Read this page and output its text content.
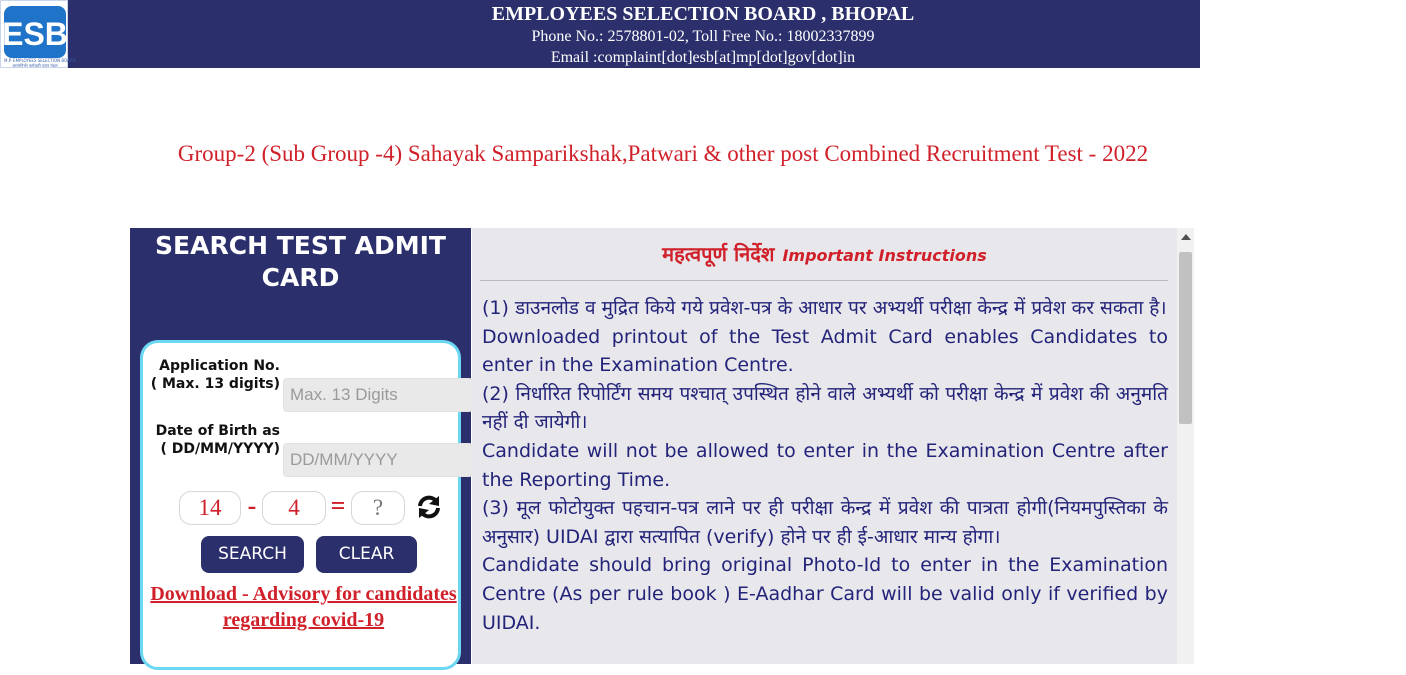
ESB
M.P. EMPLOYEES SELECTION BOARD
आत्मनिर्भर कर्मचारी चयन मंडल
EMPLOYEES SELECTION BOARD , BHOPAL
Phone No.: 2578801-02, Toll Free No.: 18002337899
Email :complaint[dot]esb[at]mp[dot]gov[dot]in
Group-2 (Sub Group -4) Sahayak Samparikshak,Patwari & other post Combined Recruitment Test - 2022
SEARCH TEST ADMIT CARD
Application No. ( Max. 13 digits)
Max. 13 Digits
Date of Birth as ( DD/MM/YYYY)
DD/MM/YYYY
14	-	4	=
?
SEARCH	CLEAR
Download - Advisory for candidates regarding covid-19
महत्वपूर्ण निर्देश Important Instructions

(1) डाउनलोड व मुद्रित किये गये प्रवेश-पत्र के आधार पर अभ्यर्थी परीक्षा केन्द्र में प्रवेश कर सकता है।

Downloaded printout of the Test Admit Card enables Candidates to enter in the Examination Centre.

(2) निर्धारित रिपोर्टिंग समय पश्चात् उपस्थित होने वाले अभ्यर्थी को परीक्षा केन्द्र में प्रवेश की अनुमति नहीं दी जायेगी।

Candidate will not be allowed to enter in the Examination Centre after the Reporting Time.

(3) मूल फोटोयुक्त पहचान-पत्र लाने पर ही परीक्षा केन्द्र में प्रवेश की पात्रता होगी(नियमपुस्तिका के अनुसार) UIDAI द्वारा सत्यापित (verify) होने पर ही ई-आधार मान्य होगा।

Candidate should bring original Photo-Id to enter in the Examination Centre (As per rule book ) E-Aadhar Card will be valid only if verified by UIDAI.
